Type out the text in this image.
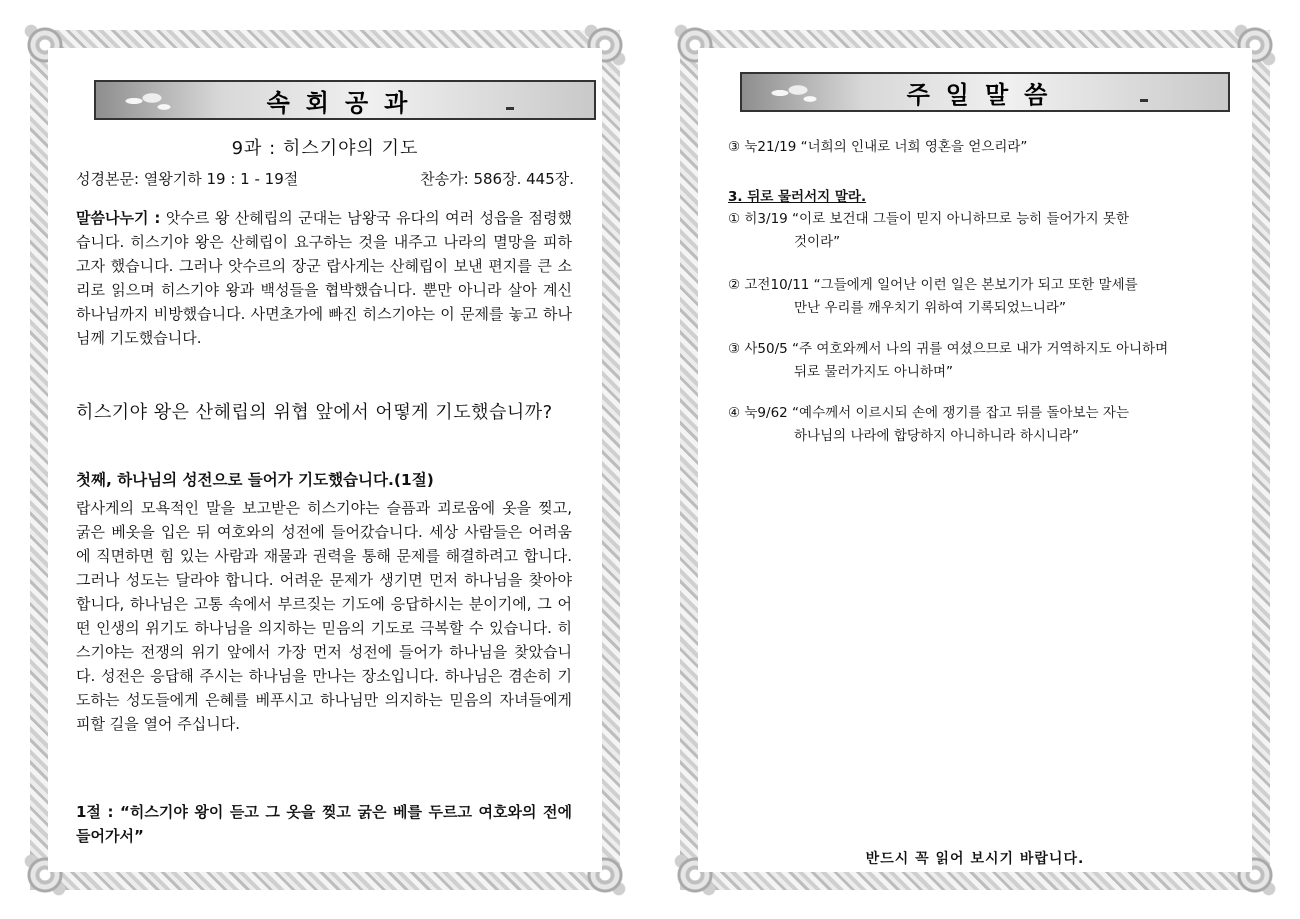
속회공과
9과 : 히스기야의 기도
성경본문: 열왕기하 19 : 1 - 19절	찬송가: 586장. 445장.
말씀나누기 : 앗수르 왕 산헤립의 군대는 남왕국 유다의 여러 성읍을 점령했습니다. 히스기야 왕은 산헤립이 요구하는 것을 내주고 나라의 멸망을 피하고자 했습니다. 그러나 앗수르의 장군 랍사게는 산헤립이 보낸 편지를 큰 소리로 읽으며 히스기야 왕과 백성들을 협박했습니다. 뿐만 아니라 살아 계신 하나님까지 비방했습니다. 사면초가에 빠진 히스기야는 이 문제를 놓고 하나님께 기도했습니다.
히스기야 왕은 산헤립의 위협 앞에서 어떻게 기도했습니까?
첫째, 하나님의 성전으로 들어가 기도했습니다.(1절)
랍사게의 모욕적인 말을 보고받은 히스기야는 슬픔과 괴로움에 옷을 찢고, 굵은 베옷을 입은 뒤 여호와의 성전에 들어갔습니다. 세상 사람들은 어려움에 직면하면 힘 있는 사람과 재물과 권력을 통해 문제를 해결하려고 합니다. 그러나 성도는 달라야 합니다. 어려운 문제가 생기면 먼저 하나님을 찾아야 합니다, 하나님은 고통 속에서 부르짖는 기도에 응답하시는 분이기에, 그 어떤 인생의 위기도 하나님을 의지하는 믿음의 기도로 극복할 수 있습니다. 히스기야는 전쟁의 위기 앞에서 가장 먼저 성전에 들어가 하나님을 찾았습니다. 성전은 응답해 주시는 하나님을 만나는 장소입니다. 하나님은 겸손히 기도하는 성도들에게 은혜를 베푸시고 하나님만 의지하는 믿음의 자녀들에게 피할 길을 열어 주십니다.
1절 : “히스기야 왕이 듣고 그 옷을 찢고 굵은 베를 두르고 여호와의 전에 들어가서”
주일말씀
③ 눅21/19 “너희의 인내로 너희 영혼을 얻으리라”
3. 뒤로 물러서지 말라.
① 히3/19 “이로 보건대 그들이 믿지 아니하므로 능히 들어가지 못한
것이라”
② 고전10/11 “그들에게 일어난 이런 일은 본보기가 되고 또한 말세를
만난 우리를 깨우치기 위하여 기록되었느니라”
③ 사50/5 “주 여호와께서 나의 귀를 여셨으므로 내가 거역하지도 아니하며
뒤로 물러가지도 아니하며”
④ 눅9/62 “예수께서 이르시되 손에 쟁기를 잡고 뒤를 돌아보는 자는
하나님의 나라에 합당하지 아니하니라 하시니라”
반드시 꼭 읽어 보시기 바랍니다.
